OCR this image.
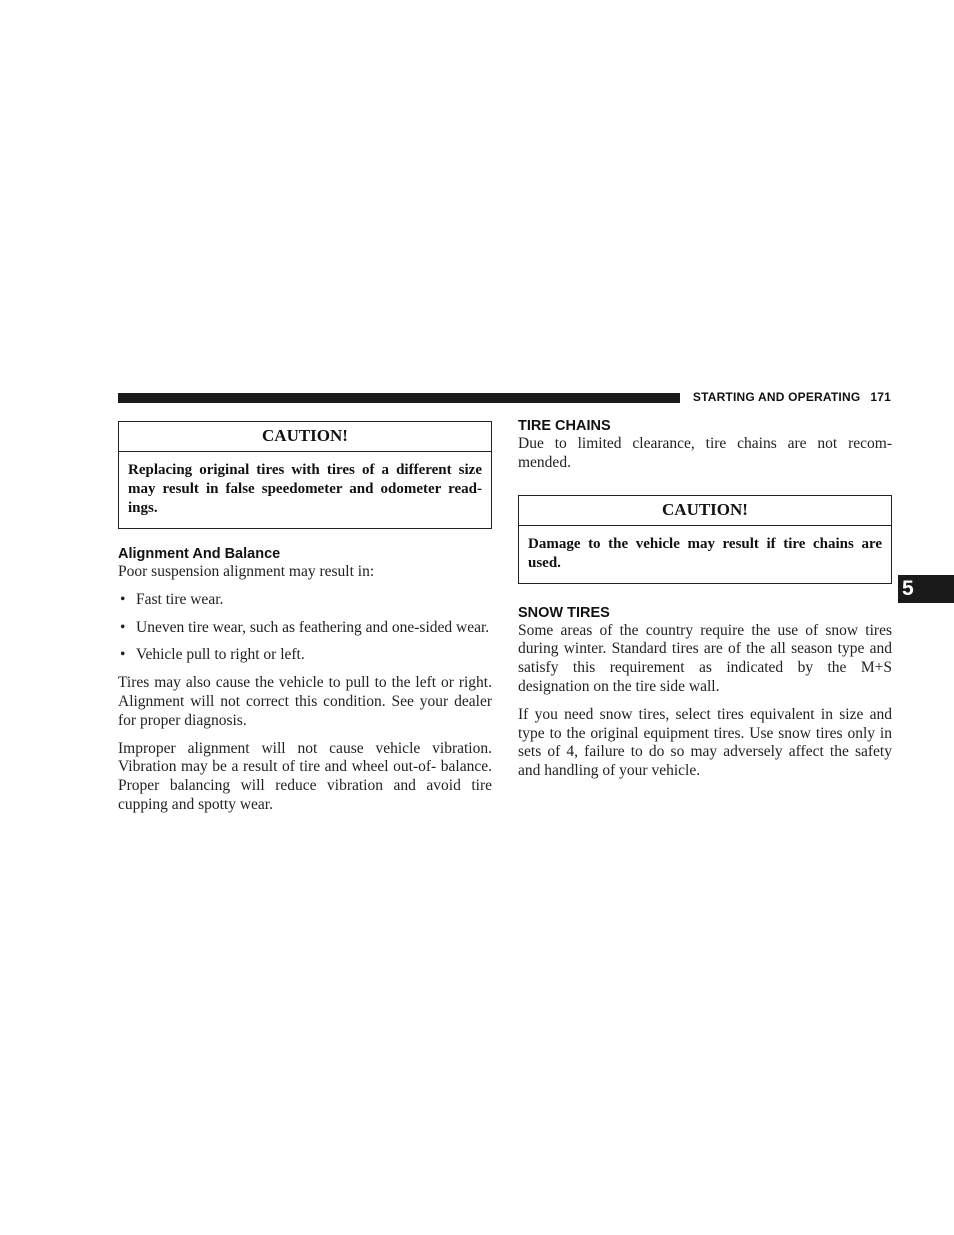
STARTING AND OPERATING 171
CAUTION!
Replacing original tires with tires of a different size may result in false speedometer and odometer read- ings.
Alignment And Balance

Poor suspension alignment may result in:

• Fast tire wear.
• Uneven tire wear, such as feathering and one-sided wear.
• Vehicle pull to right or left.

Tires may also cause the vehicle to pull to the left or right. Alignment will not correct this condition. See your dealer for proper diagnosis.

Improper alignment will not cause vehicle vibration. Vibration may be a result of tire and wheel out-of- balance. Proper balancing will reduce vibration and avoid tire cupping and spotty wear.

TIRE CHAINS

Due to limited clearance, tire chains are not recom- mended.

CAUTION!
Damage to the vehicle may result if tire chains are used.
SNOW TIRES

Some areas of the country require the use of snow tires during winter. Standard tires are of the all season type and satisfy this requirement as indicated by the M+S designation on the tire side wall.

If you need snow tires, select tires equivalent in size and type to the original equipment tires. Use snow tires only in sets of 4, failure to do so may adversely affect the safety and handling of your vehicle.

5
